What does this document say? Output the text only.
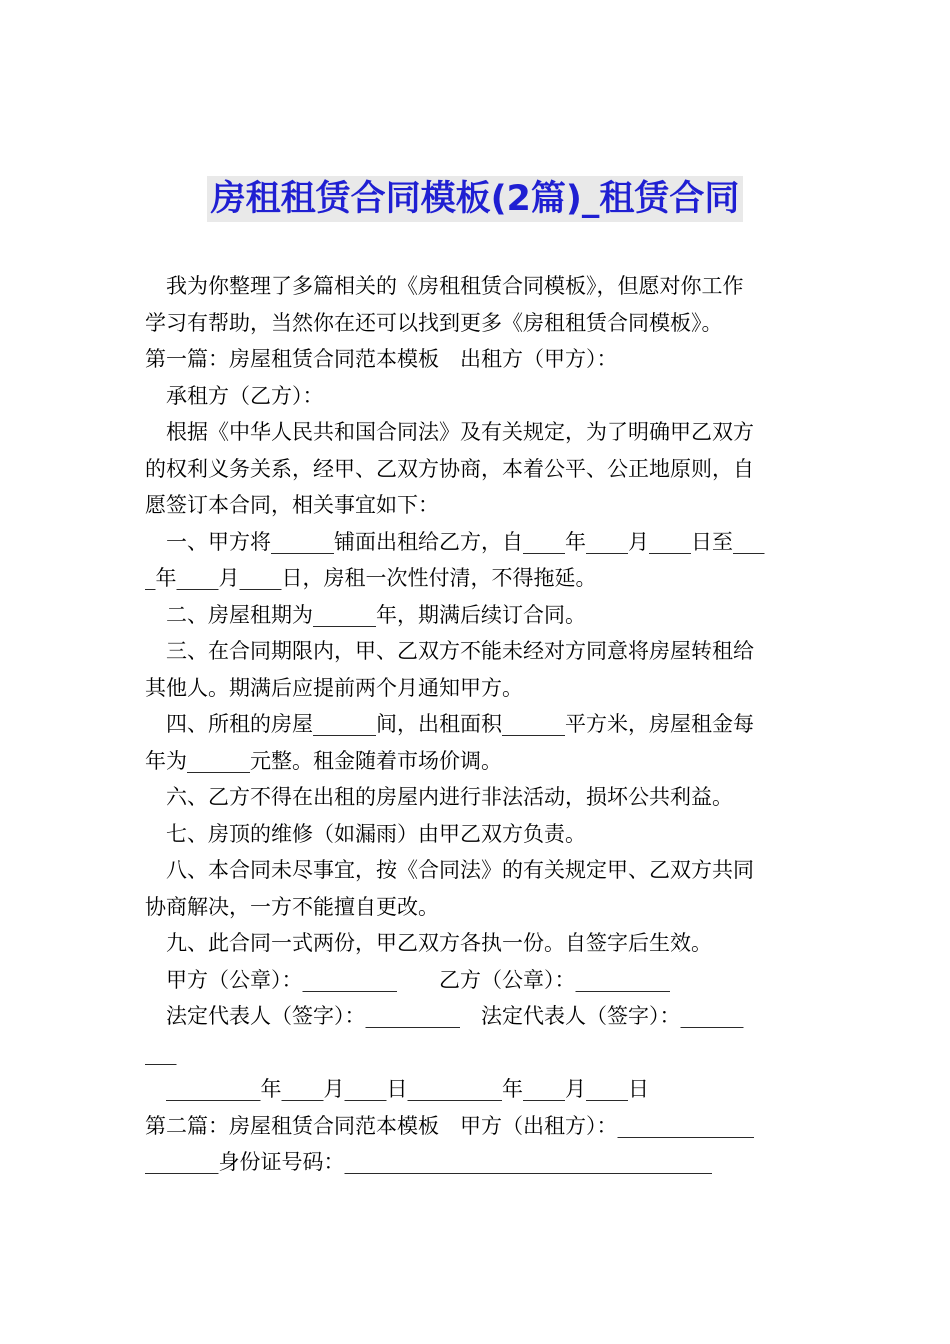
房租租赁合同模板(2篇)_租赁合同
我为你整理了多篇相关的《房租租赁合同模板》，但愿对你工作
学习有帮助，当然你在还可以找到更多《房租租赁合同模板》。
第一篇：房屋租赁合同范本模板　出租方（甲方）：
承租方（乙方）：
根据《中华人民共和国合同法》及有关规定，为了明确甲乙双方
的权利义务关系，经甲、乙双方协商，本着公平、公正地原则，自
愿签订本合同，相关事宜如下：
一、甲方将______铺面出租给乙方，自____年____月____日至___
_年____月____日，房租一次性付清，不得拖延。
二、房屋租期为______年，期满后续订合同。
三、在合同期限内，甲、乙双方不能未经对方同意将房屋转租给
其他人。期满后应提前两个月通知甲方。
四、所租的房屋______间，出租面积______平方米，房屋租金每
年为______元整。租金随着市场价调。
六、乙方不得在出租的房屋内进行非法活动，损坏公共利益。
七、房顶的维修（如漏雨）由甲乙双方负责。
八、本合同未尽事宜，按《合同法》的有关规定甲、乙双方共同
协商解决，一方不能擅自更改。
九、此合同一式两份，甲乙双方各执一份。自签字后生效。
甲方（公章）：_________　　乙方（公章）：_________
法定代表人（签字）：_________　法定代表人（签字）：______
___
_________年____月____日_________年____月____日
第二篇：房屋租赁合同范本模板　甲方（出租方）：_____________
_______身份证号码：___________________________________
